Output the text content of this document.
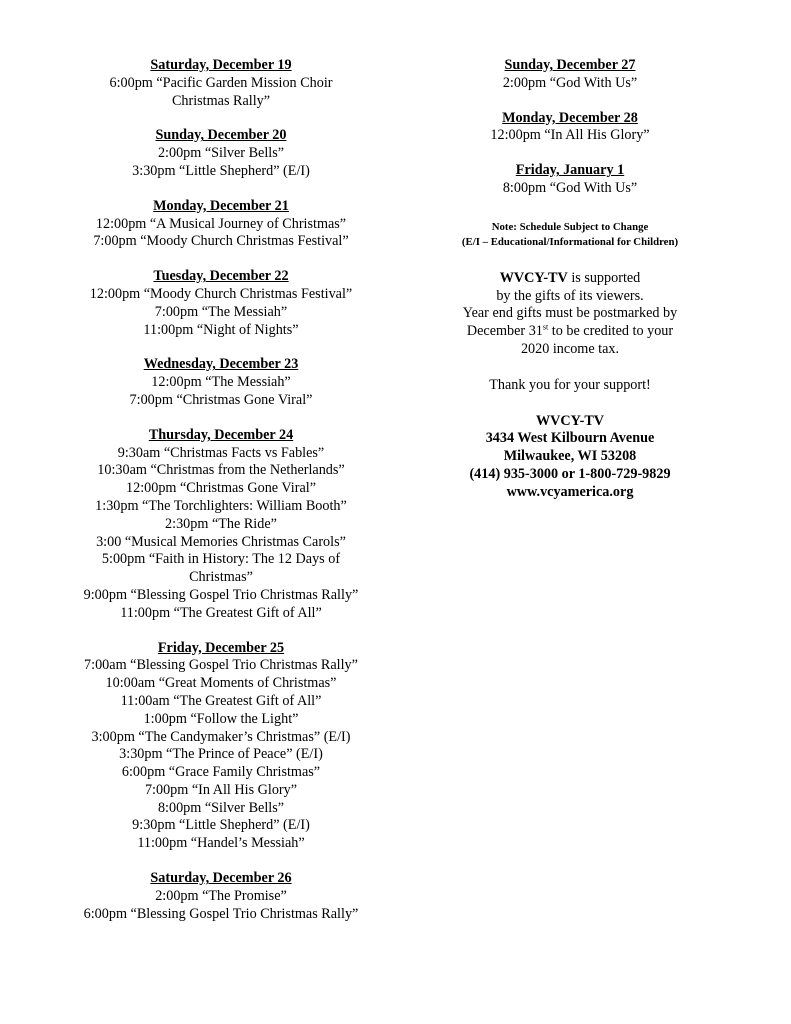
Saturday, December 19
6:00pm “Pacific Garden Mission Choir
Christmas Rally”
Sunday, December 20
2:00pm “Silver Bells”
3:30pm “Little Shepherd” (E/I)
Monday, December 21
12:00pm “A Musical Journey of Christmas”
7:00pm “Moody Church Christmas Festival”
Tuesday, December 22
12:00pm “Moody Church Christmas Festival”
7:00pm “The Messiah”
11:00pm “Night of Nights”
Wednesday, December 23
12:00pm “The Messiah”
7:00pm “Christmas Gone Viral”
Thursday, December 24
9:30am “Christmas Facts vs Fables”
10:30am “Christmas from the Netherlands”
12:00pm “Christmas Gone Viral”
1:30pm “The Torchlighters: William Booth”
2:30pm “The Ride”
3:00 “Musical Memories Christmas Carols”
5:00pm “Faith in History: The 12 Days of
Christmas”
9:00pm “Blessing Gospel Trio Christmas Rally”
11:00pm “The Greatest Gift of All”
Friday, December 25
7:00am “Blessing Gospel Trio Christmas Rally”
10:00am “Great Moments of Christmas”
11:00am “The Greatest Gift of All”
1:00pm “Follow the Light”
3:00pm “The Candymaker’s Christmas” (E/I)
3:30pm “The Prince of Peace” (E/I)
6:00pm “Grace Family Christmas”
7:00pm “In All His Glory”
8:00pm “Silver Bells”
9:30pm “Little Shepherd” (E/I)
11:00pm “Handel’s Messiah”
Saturday, December 26
2:00pm “The Promise”
6:00pm “Blessing Gospel Trio Christmas Rally”
Sunday, December 27
2:00pm “God With Us”
Monday, December 28
12:00pm “In All His Glory”
Friday, January 1
8:00pm “God With Us”
Note: Schedule Subject to Change
(E/I – Educational/Informational for Children)
WVCY-TV is supported
by the gifts of its viewers.
Year end gifts must be postmarked by
December 31st to be credited to your
2020 income tax.
Thank you for your support!
WVCY-TV
3434 West Kilbourn Avenue
Milwaukee, WI 53208
(414) 935-3000 or 1-800-729-9829
www.vcyamerica.org
